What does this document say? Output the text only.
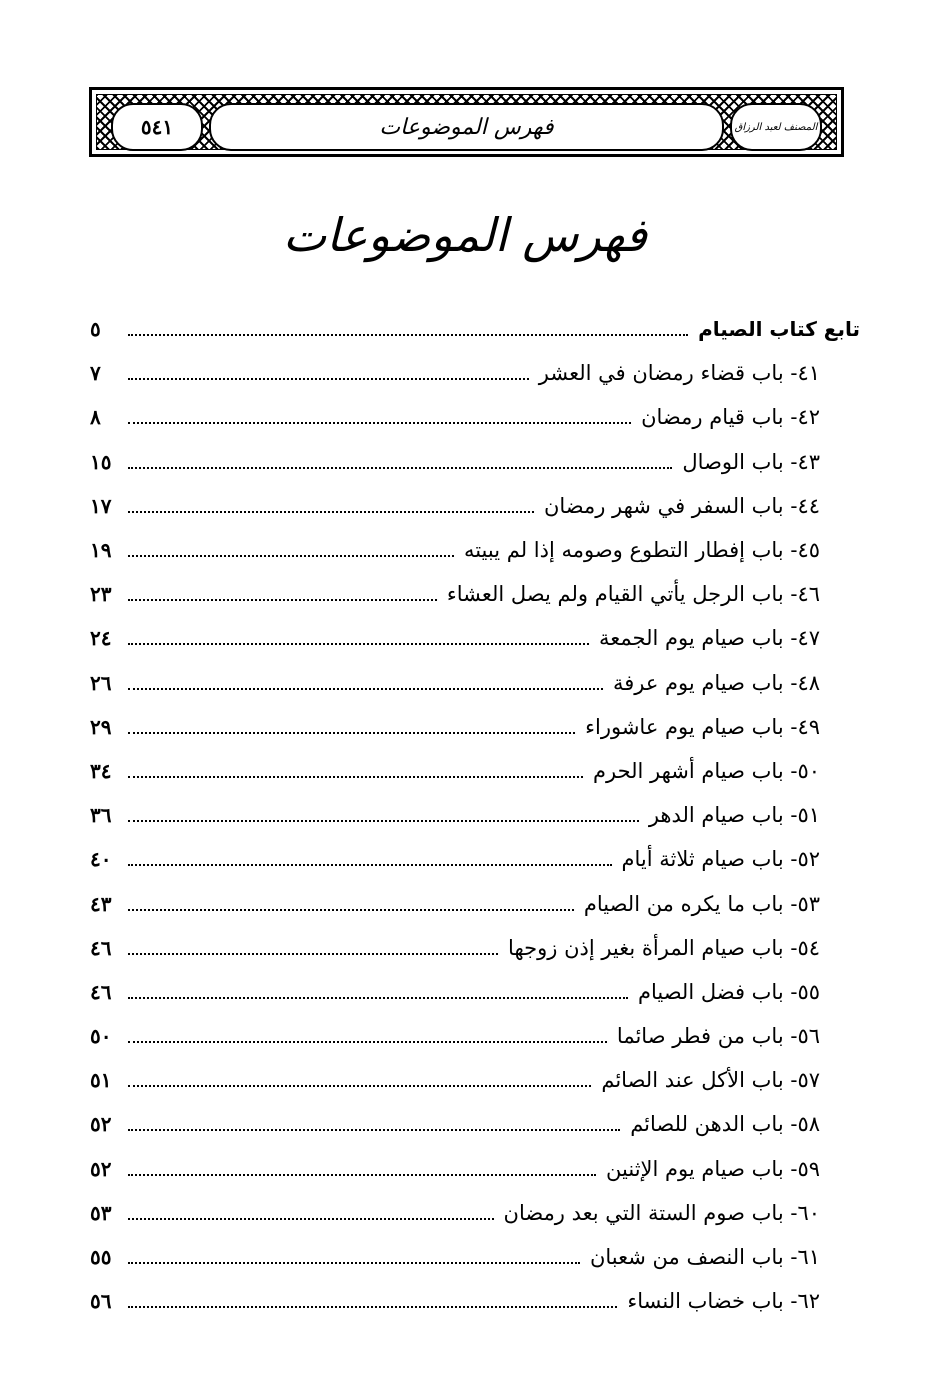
المصنف لعبد الرزاق
فهرس الموضوعات
٥٤١
فهرس الموضوعات
تابع كتاب الصيام
٥
٤١- باب قضاء رمضان في العشر
٧
٤٢- باب قيام رمضان
٨
٤٣- باب الوصال
١٥
٤٤- باب السفر في شهر رمضان
١٧
٤٥- باب إفطار التطوع وصومه إذا لم يبيته
١٩
٤٦- باب الرجل يأتي القيام ولم يصل العشاء
٢٣
٤٧- باب صيام يوم الجمعة
٢٤
٤٨- باب صيام يوم عرفة
٢٦
٤٩- باب صيام يوم عاشوراء
٢٩
٥٠- باب صيام أشهر الحرم
٣٤
٥١- باب صيام الدهر
٣٦
٥٢- باب صيام ثلاثة أيام
٤٠
٥٣- باب ما يكره من الصيام
٤٣
٥٤- باب صيام المرأة بغير إذن زوجها
٤٦
٥٥- باب فضل الصيام
٤٦
٥٦- باب من فطر صائما
٥٠
٥٧- باب الأكل عند الصائم
٥١
٥٨- باب الدهن للصائم
٥٢
٥٩- باب صيام يوم الإثنين
٥٢
٦٠- باب صوم الستة التي بعد رمضان
٥٣
٦١- باب النصف من شعبان
٥٥
٦٢- باب خضاب النساء
٥٦
